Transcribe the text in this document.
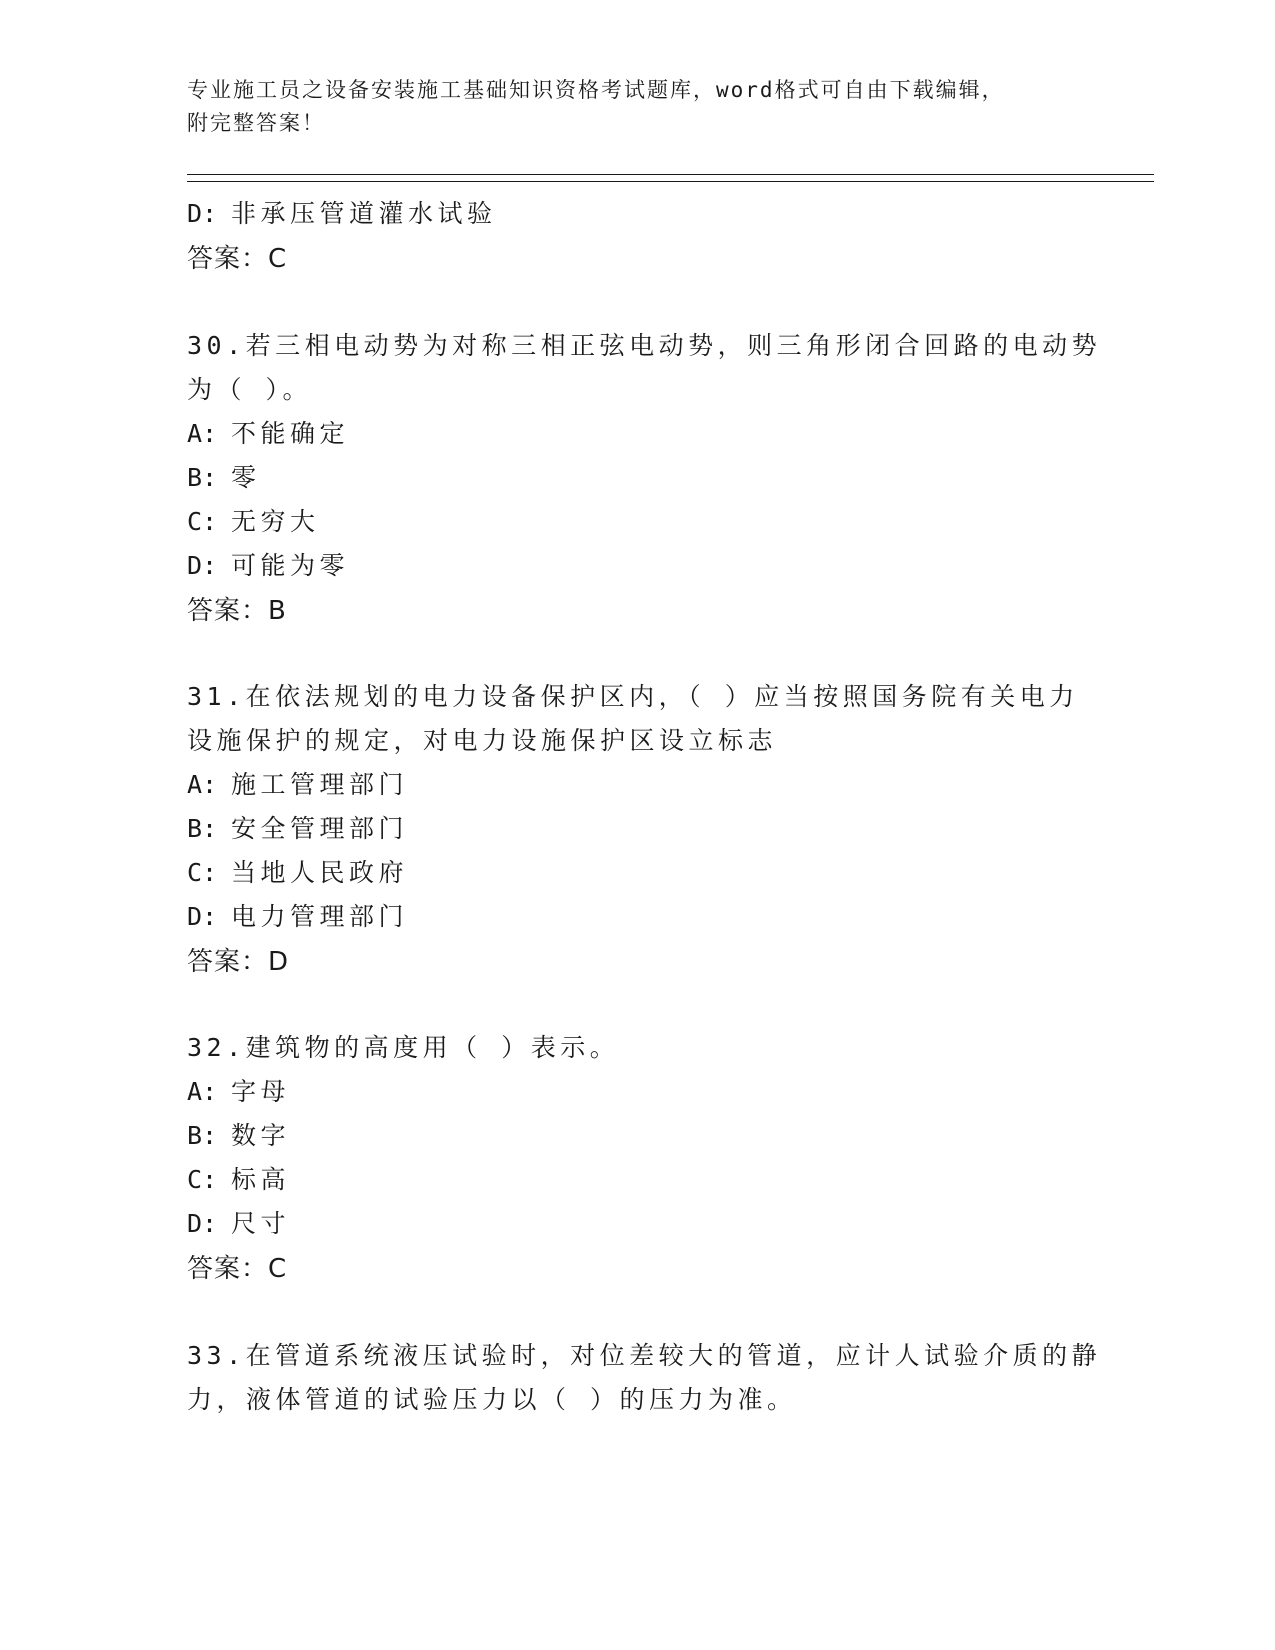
专业施工员之设备安装施工基础知识资格考试题库，word格式可自由下载编辑，
附完整答案！
D: 非承压管道灌水试验
答案：C
30.若三相电动势为对称三相正弦电动势，则三角形闭合回路的电动势
为（ ）。
A: 不能确定
B: 零
C: 无穷大
D: 可能为零
答案：B
31.在依法规划的电力设备保护区内，（ ）应当按照国务院有关电力
设施保护的规定，对电力设施保护区设立标志
A: 施工管理部门
B: 安全管理部门
C: 当地人民政府
D: 电力管理部门
答案：D
32.建筑物的高度用（ ）表示。
A: 字母
B: 数字
C: 标高
D: 尺寸
答案：C
33.在管道系统液压试验时，对位差较大的管道，应计人试验介质的静
力，液体管道的试验压力以（ ）的压力为准。
